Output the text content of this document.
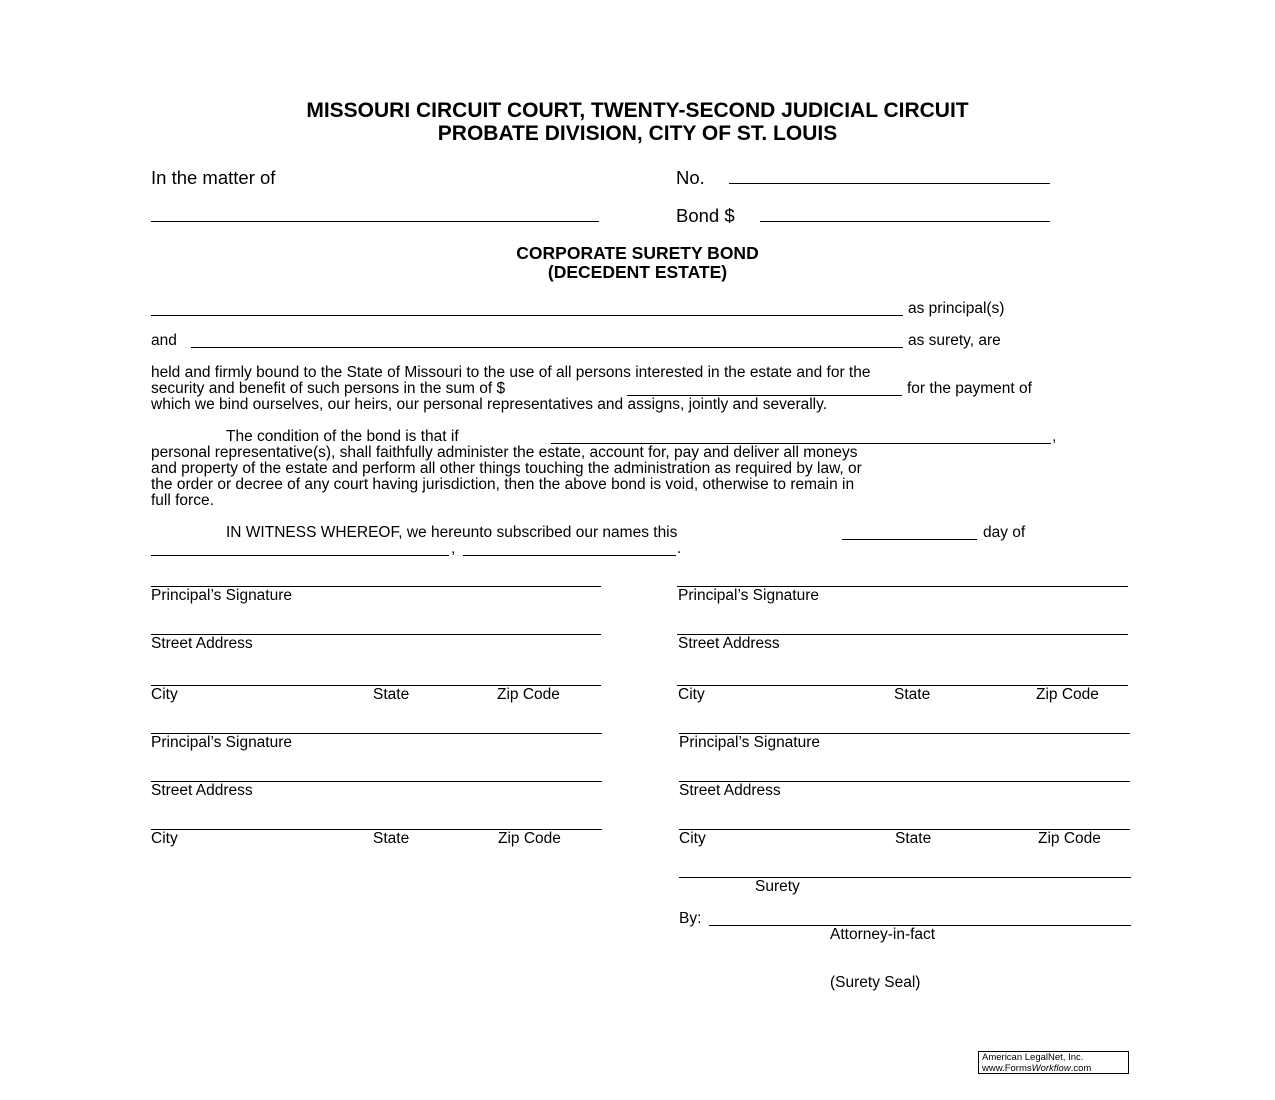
MISSOURI CIRCUIT COURT, TWENTY-SECOND JUDICIAL CIRCUIT
PROBATE DIVISION, CITY OF ST. LOUIS
In the matter of	No.
Bond $
CORPORATE SURETY BOND
(DECEDENT ESTATE)
as principal(s)
and	as surety, are
held and firmly bound to the State of Missouri to the use of all persons interested in the estate and for the
security and benefit of such persons in the sum of $	for the payment of
which we bind ourselves, our heirs, our personal representatives and assigns, jointly and severally.
The condition of the bond is that if	,
personal representative(s), shall faithfully administer the estate, account for, pay and deliver all moneys
and property of the estate and perform all other things touching the administration as required by law, or
the order or decree of any court having jurisdiction, then the above bond is void, otherwise to remain in
full force.
IN WITNESS WHEREOF, we hereunto subscribed our names this	day of
,	.
Principal’s Signature
Street Address
City	State	Zip Code
Principal’s Signature
Street Address
City	State	Zip Code
Principal’s Signature
Street Address
City	State	Zip Code
Principal’s Signature
Street Address
City	State	Zip Code
Surety
By:
Attorney-in-fact
(Surety Seal)
American LegalNet, Inc.
www.FormsWorkflow.com
